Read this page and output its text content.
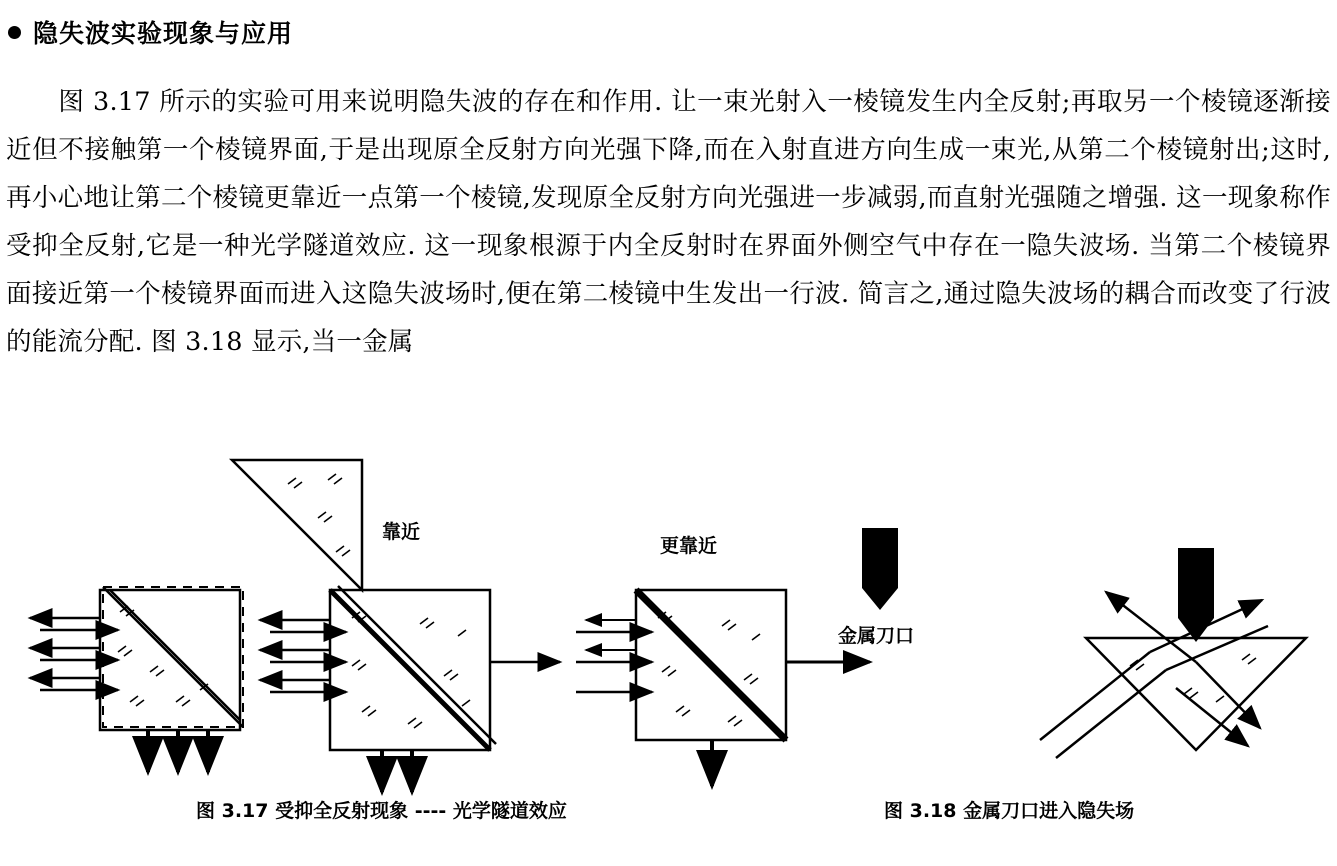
隐失波实验现象与应用
图 3.17 所示的实验可用来说明隐失波的存在和作用. 让一束光射入一棱镜发生内全反射;再取另一个棱镜逐渐接近但不接触第一个棱镜界面,于是出现原全反射方向光强下降,而在入射直进方向生成一束光,从第二个棱镜射出;这时,再小心地让第二个棱镜更靠近一点第一个棱镜,发现原全反射方向光强进一步减弱,而直射光强随之增强. 这一现象称作受抑全反射,它是一种光学隧道效应. 这一现象根源于内全反射时在界面外侧空气中存在一隐失波场. 当第二个棱镜界面接近第一个棱镜界面而进入这隐失波场时,便在第二棱镜中生发出一行波. 简言之,通过隐失波场的耦合而改变了行波的能流分配. 图 3.18 显示,当一金属
靠近
更靠近
金属刀口
图 3.17 受抑全反射现象 ---- 光学隧道效应	图 3.18 金属刀口进入隐失场
